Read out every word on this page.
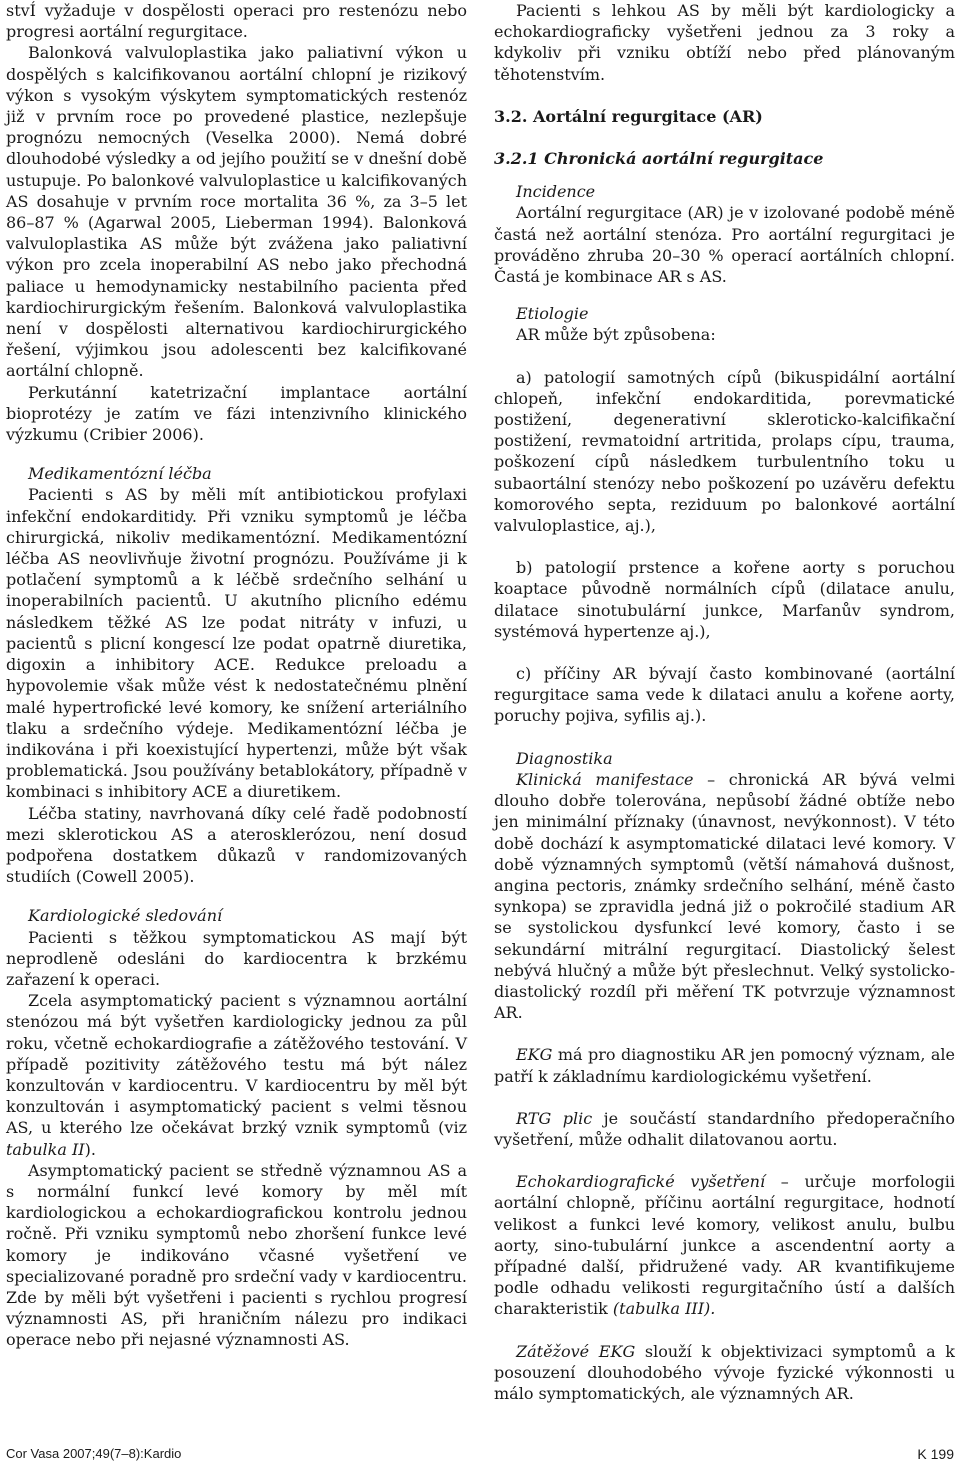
stvÍ vyžaduje v dospělosti operaci pro restenózu nebo progresi aortální regurgitace.

Balonková valvuloplastika jako paliativní výkon u dospělých s kalcifikovanou aortální chlopní je rizikový výkon s vysokým výskytem symptomatických restenóz již v prvním roce po provedené plastice, nezlepšuje prognózu nemocných (Veselka 2000). Nemá dobré dlouhodobé výsledky a od jejího použití se v dnešní době ustupuje. Po balonkové valvuloplastice u kalcifikovaných AS dosahuje v prvním roce mortalita 36 %, za 3–5 let 86–87 % (Agarwal 2005, Lieberman 1994). Balonková valvuloplastika AS může být zvážena jako paliativní výkon pro zcela inoperabilní AS nebo jako přechodná paliace u hemodynamicky nestabilního pacienta před kardiochirurgickým řešením. Balonková valvuloplastika není v dospělosti alternativou kardiochirurgického řešení, výjimkou jsou adolescenti bez kalcifikované aortální chlopně.

Perkutánní katetrizační implantace aortální bioprotézy je zatím ve fázi intenzivního klinického výzkumu (Cribier 2006).

Medikamentózní léčba

Pacienti s AS by měli mít antibiotickou profylaxi infekční endokarditidy. Při vzniku symptomů je léčba chirurgická, nikoliv medikamentózní. Medikamentózní léčba AS neovlivňuje životní prognózu. Používáme ji k potlačení symptomů a k léčbě srdečního selhání u inoperabilních pacientů. U akutního plicního edému následkem těžké AS lze podat nitráty v infuzi, u pacientů s plicní kongescí lze podat opatrně diuretika, digoxin a inhibitory ACE. Redukce preloadu a hypovolemie však může vést k nedostatečnému plnění malé hypertrofické levé komory, ke snížení arteriálního tlaku a srdečního výdeje. Medikamentózní léčba je indikována i při koexistující hypertenzi, může být však problematická. Jsou používány betablokátory, případně v kombinaci s inhibitory ACE a diuretikem.

Léčba statiny, navrhovaná díky celé řadě podobností mezi sklerotickou AS a aterosklerózou, není dosud podpořena dostatkem důkazů v randomizovaných studiích (Cowell 2005).

Kardiologické sledování

Pacienti s těžkou symptomatickou AS mají být neprodleně odesláni do kardiocentra k brzkému zařazení k operaci.

Zcela asymptomatický pacient s významnou aortální stenózou má být vyšetřen kardiologicky jednou za půl roku, včetně echokardiografie a zátěžového testování. V případě pozitivity zátěžového testu má být nález konzultován v kardiocentru. V kardiocentru by měl být konzultován i asymptomatický pacient s velmi těsnou AS, u kterého lze očekávat brzký vznik symptomů (viz tabulka II).

Asymptomatický pacient se středně významnou AS a s normální funkcí levé komory by měl mít kardiologickou a echokardiografickou kontrolu jednou ročně. Při vzniku symptomů nebo zhoršení funkce levé komory je indikováno včasné vyšetření ve specializované poradně pro srdeční vady v kardiocentru. Zde by měli být vyšetřeni i pacienti s rychlou progresí významnosti AS, při hraničním nálezu pro indikaci operace nebo při nejasné významnosti AS.

Pacienti s lehkou AS by měli být kardiologicky a echokardiograficky vyšetřeni jednou za 3 roky a kdykoliv při vzniku obtíží nebo před plánovaným těhotenstvím.

3.2. Aortální regurgitace (AR)

3.2.1 Chronická aortální regurgitace

Incidence

Aortální regurgitace (AR) je v izolované podobě méně častá než aortální stenóza. Pro aortální regurgitaci je prováděno zhruba 20–30 % operací aortálních chlopní. Častá je kombinace AR s AS.

Etiologie

AR může být způsobena:

a) patologií samotných cípů (bikuspidální aortální chlopeň, infekční endokarditida, porevmatické postižení, degenerativní skleroticko-kalcifikační postižení, revmatoidní artritida, prolaps cípu, trauma, poškození cípů následkem turbulentního toku u subaortální stenózy nebo poškození po uzávěru defektu komorového septa, reziduum po balonkové aortální valvuloplastice, aj.),

b) patologií prstence a kořene aorty s poruchou koaptace původně normálních cípů (dilatace anulu, dilatace sinotubulární junkce, Marfanův syndrom, systémová hypertenze aj.),

c) příčiny AR bývají často kombinované (aortální regurgitace sama vede k dilataci anulu a kořene aorty, poruchy pojiva, syfilis aj.).

Diagnostika

Klinická manifestace – chronická AR bývá velmi dlouho dobře tolerována, nepůsobí žádné obtíže nebo jen minimální příznaky (únavnost, nevýkonnost). V této době dochází k asymptomatické dilataci levé komory. V době významných symptomů (větší námahová dušnost, angina pectoris, známky srdečního selhání, méně často synkopa) se zpravidla jedná již o pokročilé stadium AR se systolickou dysfunkcí levé komory, často i se sekundární mitrální regurgitací. Diastolický šelest nebývá hlučný a může být přeslechnut. Velký systolicko-diastolický rozdíl při měření TK potvrzuje významnost AR.

EKG má pro diagnostiku AR jen pomocný význam, ale patří k základnímu kardiologickému vyšetření.

RTG plic je součástí standardního předoperačního vyšetření, může odhalit dilatovanou aortu.

Echokardiografické vyšetření – určuje morfologii aortální chlopně, příčinu aortální regurgitace, hodnotí velikost a funkci levé komory, velikost anulu, bulbu aorty, sino-tubulární junkce a ascendentní aorty a případné další, přidružené vady. AR kvantifikujeme podle odhadu velikosti regurgitačního ústí a dalších charakteristik (tabulka III).

Zátěžové EKG slouží k objektivizaci symptomů a k posouzení dlouhodobého vývoje fyzické výkonnosti u málo symptomatických, ale významných AR.

Cor Vasa 2007;49(7–8):Kardio	K 199
